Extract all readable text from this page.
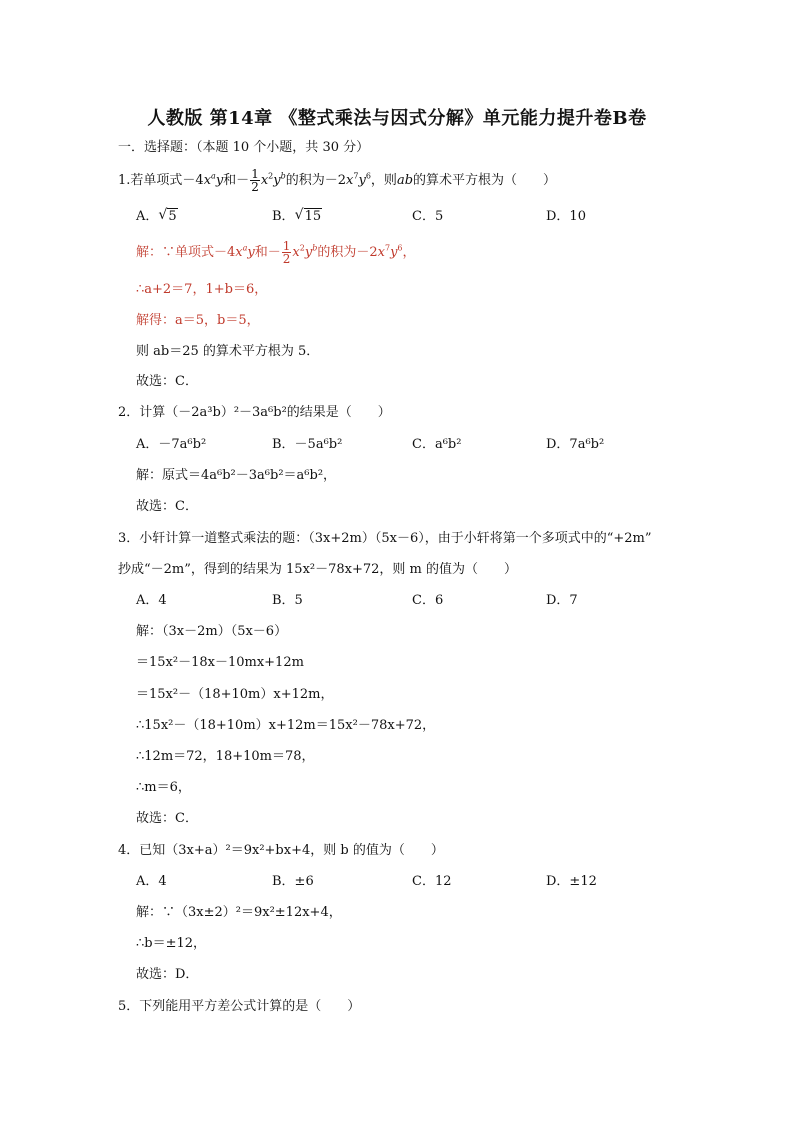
人教版 第14章 《整式乘法与因式分解》单元能力提升卷B卷
一．选择题：（本题 10 个小题，共 30 分）
1.若单项式$-4x^ay$和－ $\frac{1}{2} x^2y^b$的积为$-2x^7y^6$，则ab的算术平方根为（　　）
A． √ 5	B． √ 15	C．5	D．10
解：∵单项式$-4x^ay$和－ $\frac{1}{2} x^2y^b$的积为$-2x^7y^6$，
∴a+2＝7，1+b＝6，
解得：a＝5，b＝5，
则 ab＝25 的算术平方根为 5．
故选：C．
2．计算（－2a³b）²－3a⁶b²的结果是（　　）
A．－7a⁶b²	B．－5a⁶b²	C．a⁶b²	D．7a⁶b²
解：原式＝4a⁶b²－3a⁶b²＝a⁶b²，
故选：C．
3．小轩计算一道整式乘法的题：（3x+2m）（5x－6），由于小轩将第一个多项式中的“+2m”
抄成“－2m”，得到的结果为 15x²－78x+72，则 m 的值为（　　）
A．4	B．5	C．6	D．7
解：（3x－2m）（5x－6）
＝15x²－18x－10mx+12m
＝15x²－（18+10m）x+12m，
∴15x²－（18+10m）x+12m＝15x²－78x+72，
∴12m＝72，18+10m＝78，
∴m＝6，
故选：C．
4．已知（3x+a）²＝9x²+bx+4，则 b 的值为（　　）
A．4	B．±6	C．12	D．±12
解：∵（3x±2）²＝9x²±12x+4，
∴b＝±12，
故选：D．
5．下列能用平方差公式计算的是（　　）
